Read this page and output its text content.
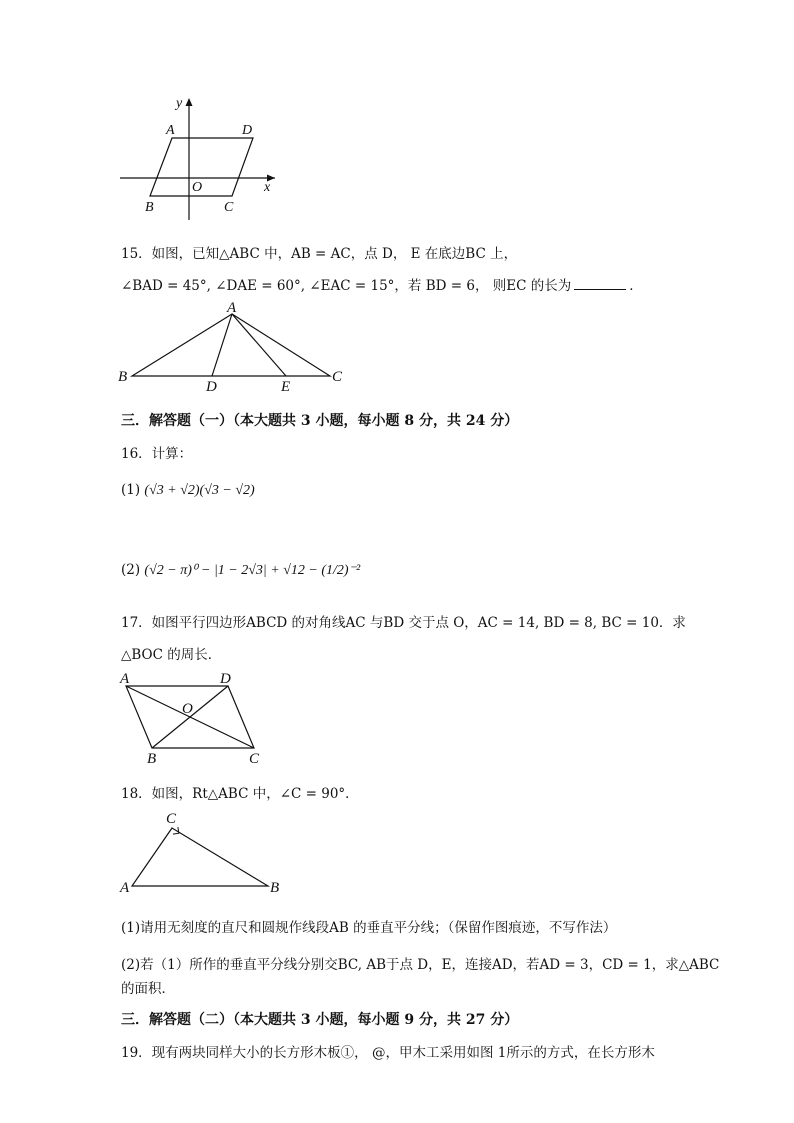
y
x
A	D
O
B	C
15．如图，已知△ABC 中，AB = AC，点 D， E 在底边BC 上，
∠BAD = 45°, ∠DAE = 60°, ∠EAC = 15°，若 BD = 6， 则EC 的长为	．
A
B
D	E
C
三．解答题（一）（本大题共 3 小题，每小题 8 分，共 24 分）
16．计算：
(1) (√3 + √2)(√3 − √2)
(2) (√2 − π)⁰ − |1 − 2√3| + √12 − (1/2)⁻²
17．如图平行四边形ABCD 的对角线AC 与BD 交于点 O，AC = 14, BD = 8, BC = 10．求
△BOC 的周长．
A	D
O
B	C
18．如图，Rt△ABC 中，∠C = 90°．
C
A	B
(1)请用无刻度的直尺和圆规作线段AB 的垂直平分线；（保留作图痕迹，不写作法）
(2)若（1）所作的垂直平分线分别交BC, AB于点 D，E，连接AD，若AD = 3，CD = 1，求△ABC
的面积．
三．解答题（二）（本大题共 3 小题，每小题 9 分，共 27 分）
19．现有两块同样大小的长方形木板①， @，甲木工采用如图 1所示的方式，在长方形木
